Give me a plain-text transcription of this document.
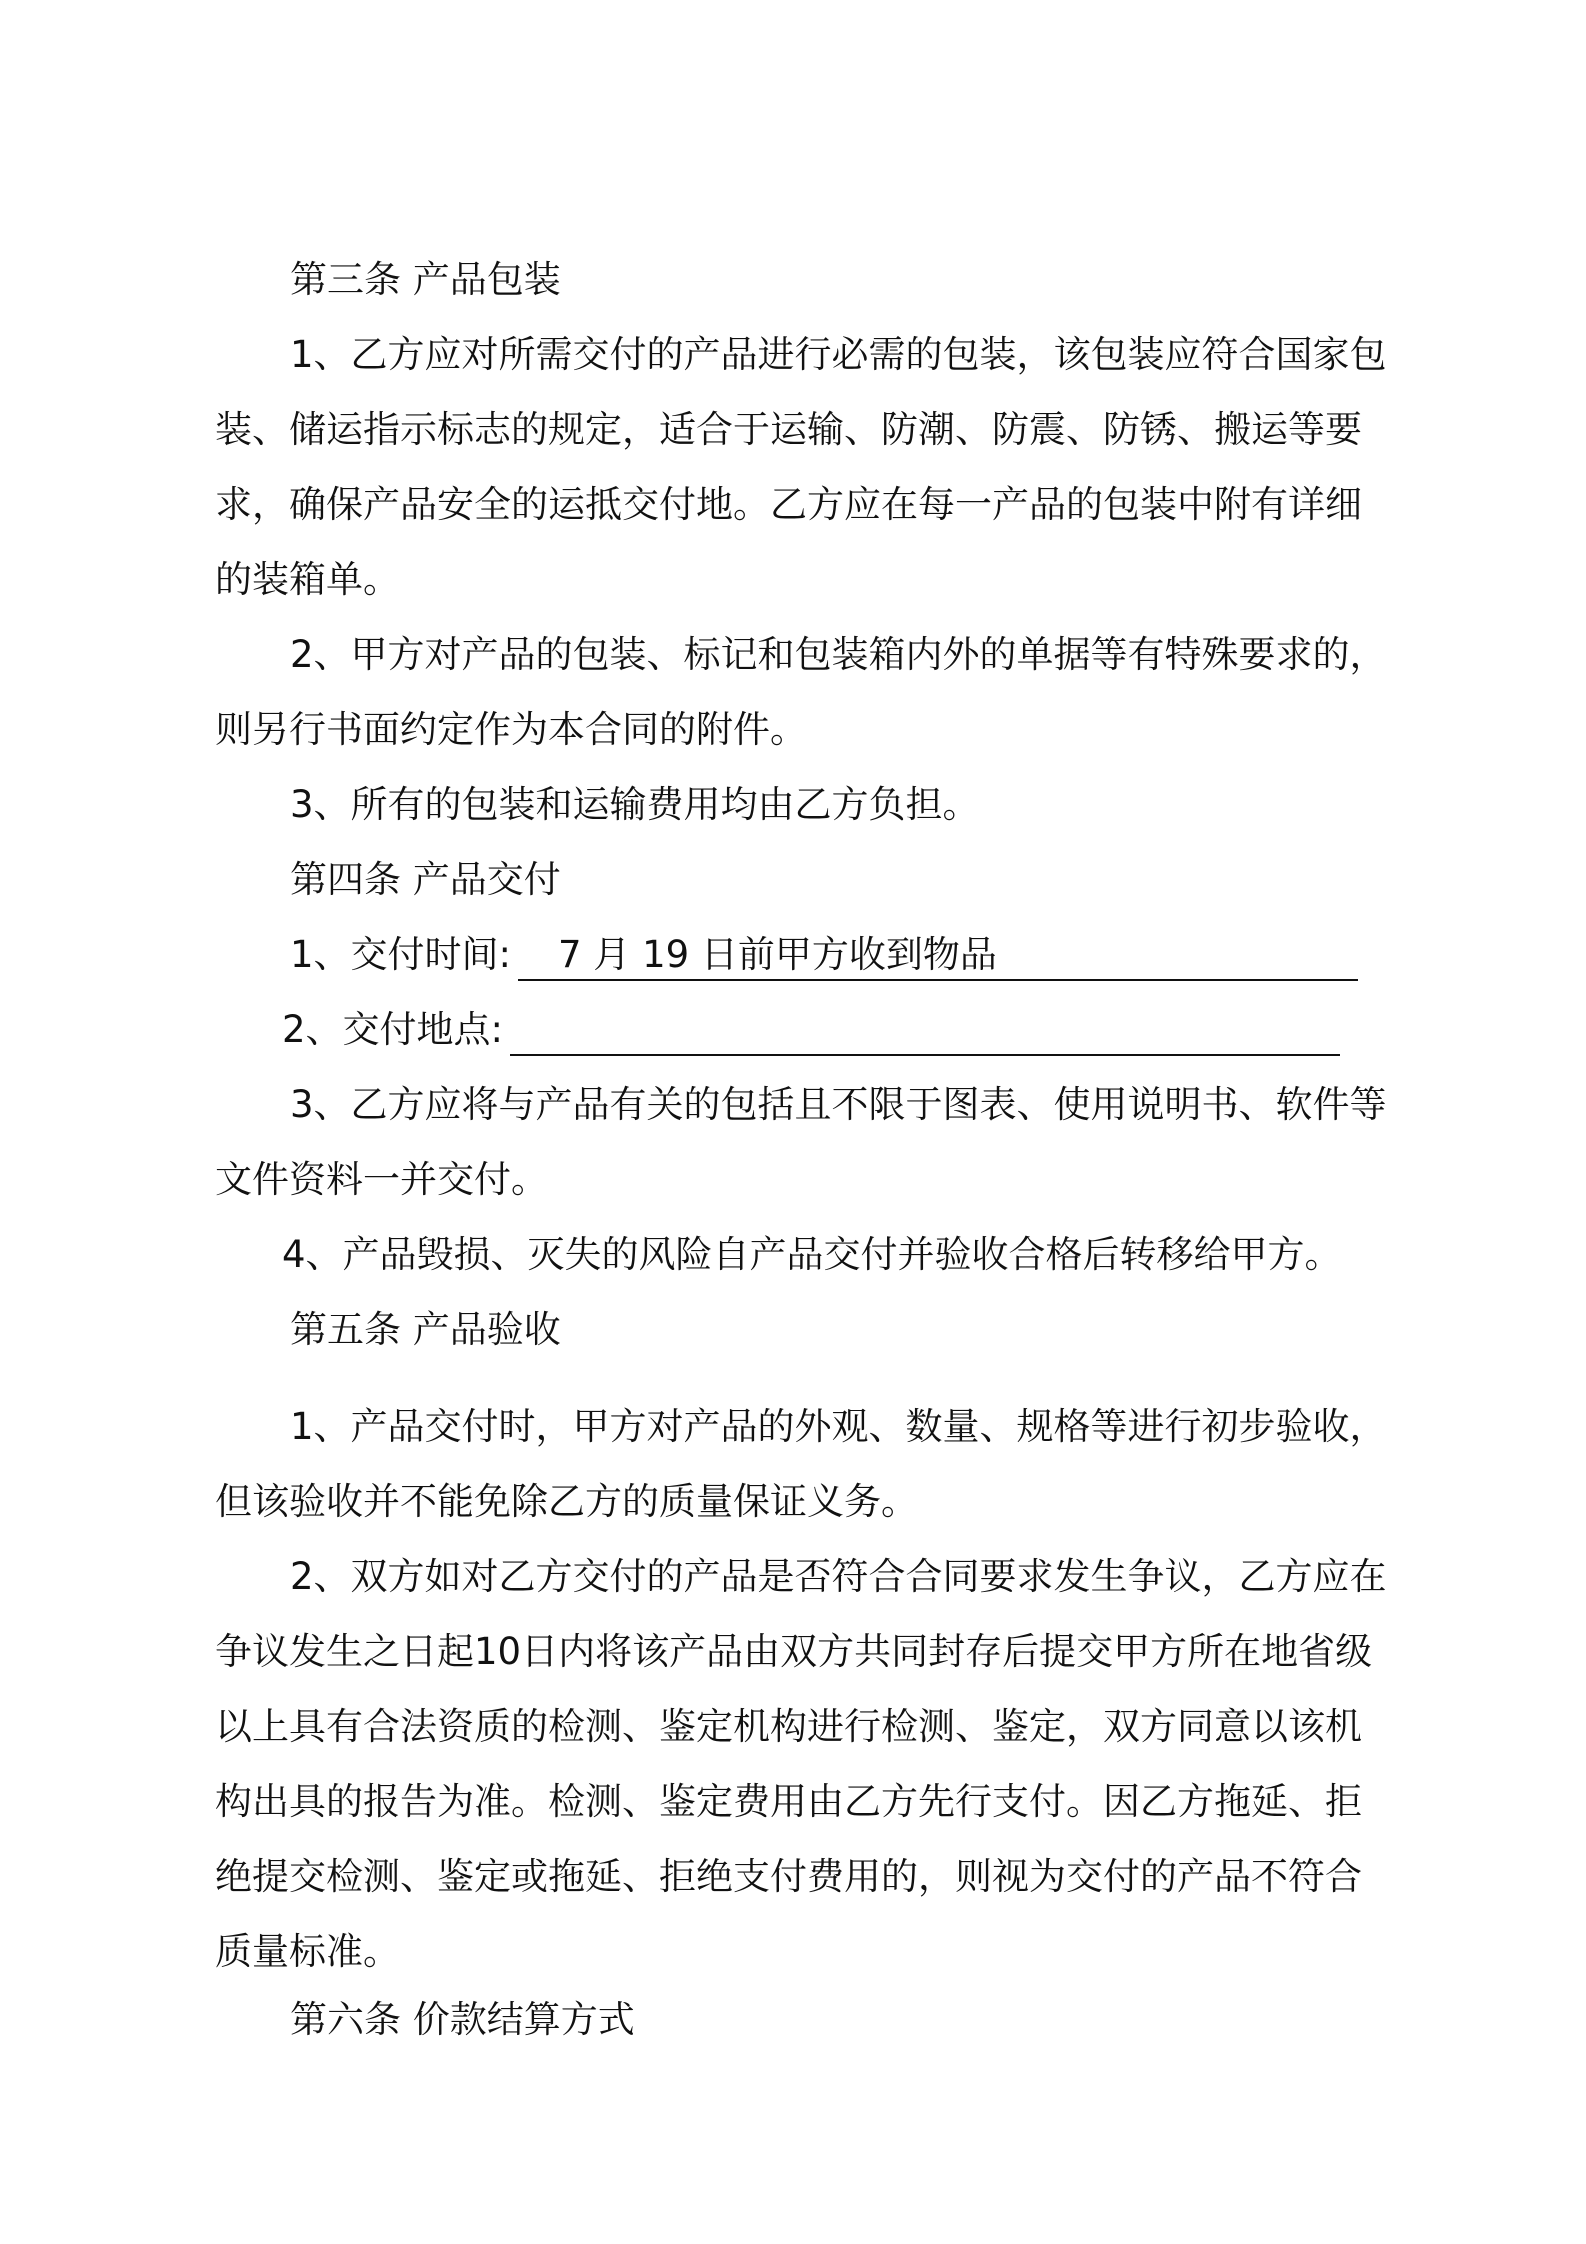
第三条 产品包装

1、乙方应对所需交付的产品进行必需的包装，该包装应符合国家包

装、储运指示标志的规定，适合于运输、防潮、防震、防锈、搬运等要

求，确保产品安全的运抵交付地。乙方应在每一产品的包装中附有详细

的装箱单。

2、甲方对产品的包装、标记和包装箱内外的单据等有特殊要求的，

则另行书面约定作为本合同的附件。

3、所有的包装和运输费用均由乙方负担。

第四条 产品交付

1、交付时间: 7 月 19 日前甲方收到物品
2、交付地点:

3、乙方应将与产品有关的包括且不限于图表、使用说明书、软件等

文件资料一并交付。

4、产品毁损、灭失的风险自产品交付并验收合格后转移给甲方。

第五条 产品验收

1、产品交付时，甲方对产品的外观、数量、规格等进行初步验收，

但该验收并不能免除乙方的质量保证义务。

2、双方如对乙方交付的产品是否符合合同要求发生争议，乙方应在

争议发生之日起10日内将该产品由双方共同封存后提交甲方所在地省级

以上具有合法资质的检测、鉴定机构进行检测、鉴定，双方同意以该机

构出具的报告为准。检测、鉴定费用由乙方先行支付。因乙方拖延、拒

绝提交检测、鉴定或拖延、拒绝支付费用的，则视为交付的产品不符合

质量标准。

第六条 价款结算方式
